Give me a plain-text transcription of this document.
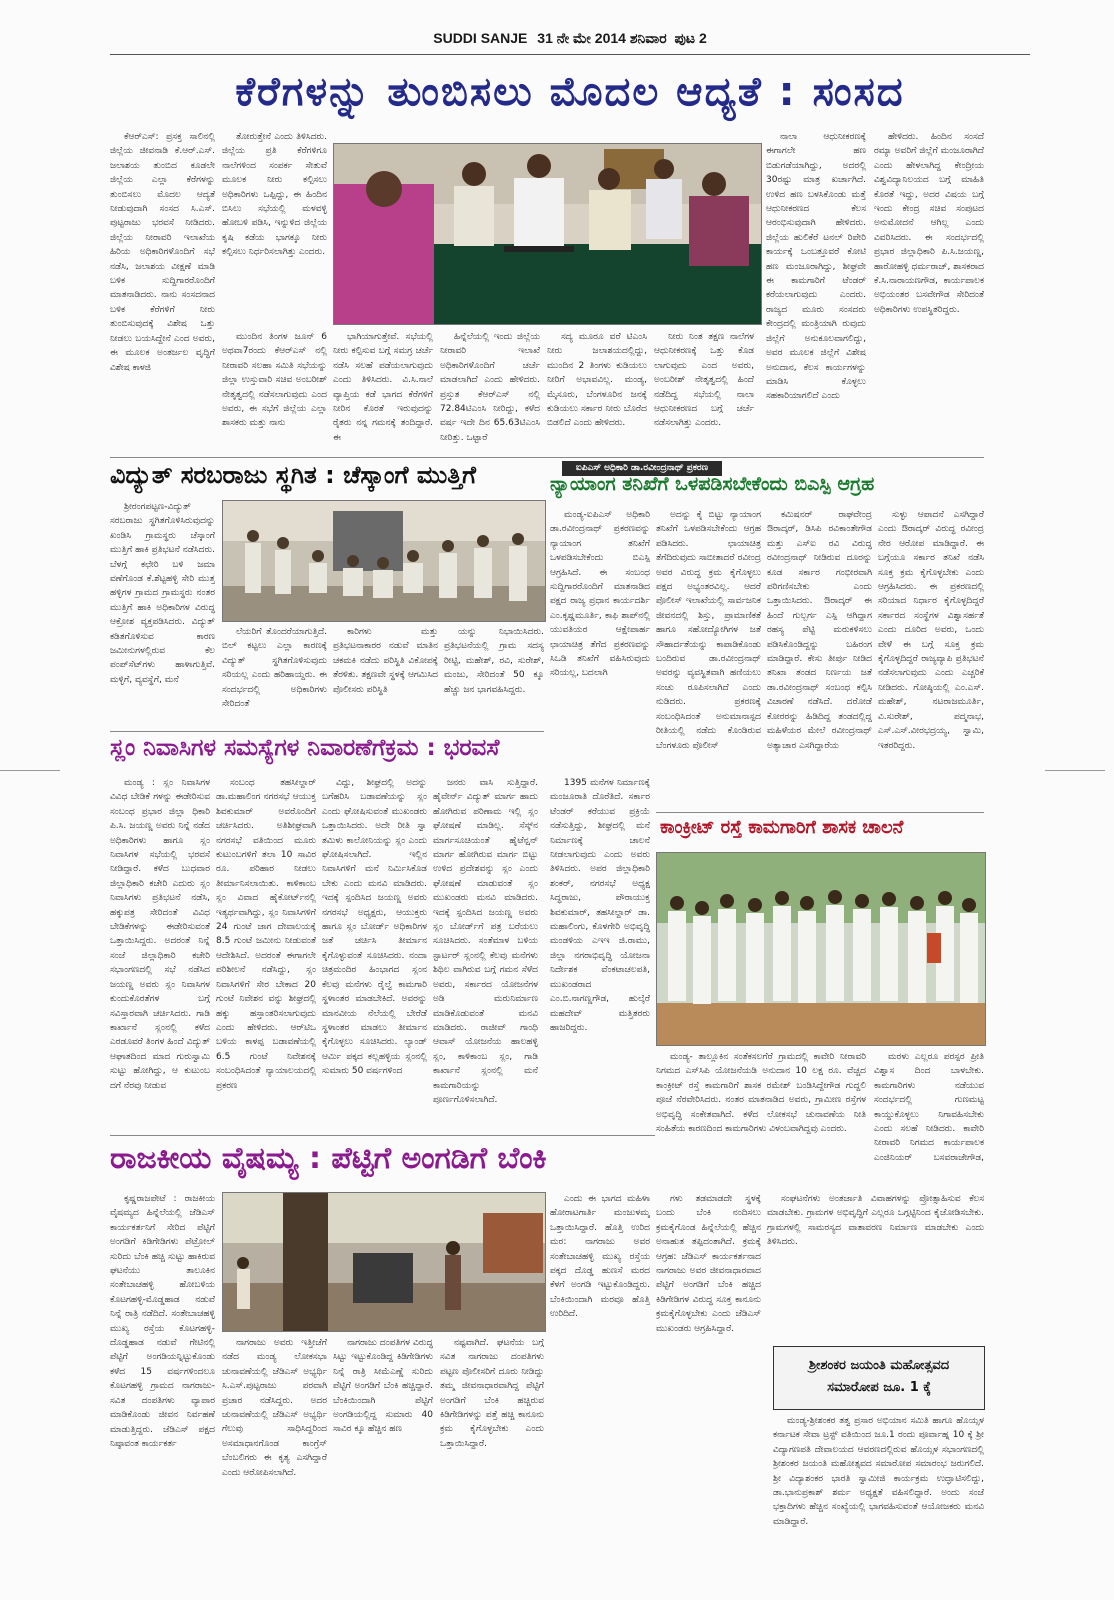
SUDDI SANJE 31 ನೇ ಮೇ 2014 ಶನಿವಾರ ಪುಟ 2
ಕೆರೆಗಳನ್ನು ತುಂಬಿಸಲು ಮೊದಲ ಆದ್ಯತೆ : ಸಂಸದ

ಕೆಆರ್‌ಎಸ್: ಪ್ರಸಕ್ತ ಸಾಲಿನಲ್ಲಿ ಜಿಲ್ಲೆಯ ಜೀವನಾಡಿ ಕೆ.ಆರ್.ಎಸ್. ಜಲಾಶಯ ತುಂಬಿದ ಕೂಡಲೇ ಜಿಲ್ಲೆಯ ಎಲ್ಲಾ ಕೆರೆಗಳನ್ನು ತುಂಬಿಸಲು ಮೊದಲ ಆದ್ಯತೆ ನೀಡುವುದಾಗಿ ಸಂಸದ ಸಿ.ಎಸ್. ಪುಟ್ಟರಾಜು ಭರವಸೆ ನೀಡಿದರು. ಜಿಲ್ಲೆಯ ನೀರಾವರಿ ಇಲಾಖೆಯ ಹಿರಿಯ ಅಧಿಕಾರಿಗಳೊಂದಿಗೆ ಸಭೆ ನಡೆಸಿ, ಜಲಾಶಯ ವೀಕ್ಷಣೆ ಮಾಡಿ ಬಳಿಕ ಸುದ್ದಿಗಾರರೊಂದಿಗೆ ಮಾತನಾಡಿದರು. ನಾನು ಸಂಸದನಾದ ಬಳಿಕ ಕೆರೆಗಳಿಗೆ ನೀರು ತುಂಬಿಸುವುದಕ್ಕೆ ವಿಶೇಷ ಒತ್ತು ನೀಡಲು ಬಯಸಿದ್ದೇನೆ ಎಂದ ಅವರು, ಈ ಮೂಲಕ ಅಂತರ್ಜಲ ವೃದ್ಧಿಗೆ ವಿಶೇಷ ಕಾಳಜಿ

ತೋರುತ್ತೇನೆ ಎಂದು ತಿಳಿಸಿದರು. ಜಿಲ್ಲೆಯ ಪ್ರತಿ ಕೆರೆಗಳಿಗೂ ನಾಲೆಗಳಿಂದ ಸಂಪರ್ಕ ಸೇತುವೆ ಮೂಲಕ ನೀರು ಕಲ್ಪಿಸಲು ಅಧಿಕಾರಿಗಳು ಒಪ್ಪಿದ್ದು, ಈ ಹಿಂದಿನ ಬಿಸಿಲು ಸಭೆಯಲ್ಲಿ ಮಳವಳ್ಳಿ ಹೋಬಳಿ ಪಡಿಸಿ, ಇನ್ನುಳಿದ ಜಿಲ್ಲೆಯ ಕೃಷಿ ಕಡೆಯ ಭಾಗಕ್ಕೂ ನೀರು ಕಲ್ಪಿಸಲು ನಿರ್ಧರಿಸಲಾಗಿತ್ತು ಎಂದರು.

ಮುಂದಿನ ತಿಂಗಳ ಜೂನ್ 6 ಅಥವಾ7ರಂದು ಕೆಆರ್‌ಎಸ್ ನಲ್ಲಿ ನೀರಾವರಿ ಸಲಹಾ ಸಮಿತಿ ಸಭೆಯನ್ನು ಜಿಲ್ಲಾ ಉಸ್ತುವಾರಿ ಸಚಿವ ಅಂಬರೀಶ್ ನೇತೃತ್ವದಲ್ಲಿ ನಡೆಸಲಾಗುವುದು ಎಂದ ಅವರು, ಈ ಸಭೆಗೆ ಜಿಲ್ಲೆಯ ಎಲ್ಲಾ ಶಾಸಕರು ಮತ್ತು ನಾನು

ಭಾಗಿಯಾಗುತ್ತೇವೆ. ಸಭೆಯಲ್ಲಿ ನೀರು ಕಲ್ಪಿಸುವ ಬಗ್ಗೆ ಸಮಗ್ರ ಚರ್ಚೆ ನಡೆಸಿ ಸಲಹೆ ಪಡೆಯಲಾಗುವುದು ಎಂದು ತಿಳಿಸಿದರು. ವಿ.ಸಿ.ನಾಲೆ ವ್ಯಾಪ್ತಿಯ ಕಡೆ ಭಾಗದ ಕೆರೆಗಳಿಗೆ ನೀರಿನ ಕೊರತೆ ಇರುವುದನ್ನು ರೈತರು ನನ್ನ ಗಮನಕ್ಕೆ ತಂದಿದ್ದಾರೆ. ಈ

ಹಿನ್ನೆಲೆಯಲ್ಲಿ ಇಂದು ಜಿಲ್ಲೆಯ ನೀರಾವರಿ ಇಲಾಖೆ ಅಧಿಕಾರಿಗಳೊಂದಿಗೆ ಚರ್ಚೆ ಮಾಡಲಾಗಿದೆ ಎಂದು ಹೇಳಿದರು. ಪ್ರಸ್ತುತ ಕೆಆರ್‌ಎಸ್ ನಲ್ಲಿ 72.84ಟಿಎಂಸಿ ನೀರಿದ್ದು, ಕಳೆದ ವರ್ಷ ಇದೇ ದಿನ 65.63ಟಿಎಂಸಿ ನೀರಿತ್ತು. ಒಟ್ಟಾರೆ

ಸದ್ಯ ಮೂರೂ ವರೆ ಟಿಎಂಸಿ ನೀರು ಜಲಾಶಯದಲ್ಲಿದ್ದು, ಮುಂದಿನ 2 ತಿಂಗಳು ಕುಡಿಯಲು ನೀರಿಗೆ ಅಭಾವವಿಲ್ಲ. ಮಂಡ್ಯ, ಮೈಸೂರು, ಬೆಂಗಳೂರಿನ ಜನಕ್ಕೆ ಕುಡಿಯಲು ಸರ್ಕಾರ ನೀರು ಬೊರೆದ ಬಿಡಲಿದೆ ಎಂದು ಹೇಳಿದರು.

ನೀರು ನಿಂತ ತಕ್ಷಣ ನಾಲೆಗಳ ಆಧುನೀಕರಣಕ್ಕೆ ಒತ್ತು ಕೊಡ ಲಾಗುವುದು ಎಂದ ಅವರು, ಅಂಬರೀಶ್ ನೇತೃತ್ವದಲ್ಲಿ ಹಿಂದೆ ನಡೆದಿದ್ದ ಸಭೆಯಲ್ಲಿ ನಾಲಾ ಆಧುನೀಕರಣದ ಬಗ್ಗೆ ಚರ್ಚೆ ನಡೆಸಲಾಗಿತ್ತು ಎಂದರು.

ನಾಲಾ ಆಧುನೀಕರಣಕ್ಕೆ ಈಗಾಗಲೇ ಹಣ ಬಿಡುಗಡೆಯಾಗಿದ್ದು, ಅದರಲ್ಲಿ 30ರಷ್ಟು ಮಾತ್ರ ಖರ್ಚಾಗಿದೆ. ಉಳಿದ ಹಣ ಬಳಸಿಕೊಂಡು ಮತ್ತೆ ಆಧುನೀಕರಣದ ಕೆಲಸ ಆರಂಭಿಸುವುದಾಗಿ ಹೇಳಿದರು. ಜಿಲ್ಲೆಯ ಹುಲಿಕೆರೆ ಟನಲ್ ರಿಪೇರಿ ಕಾರ್ಯಕ್ಕೆ ಒಂಬತ್ತೂವರೆ ಕೋಟಿ ಹಣ ಮಂಜೂರಾಗಿದ್ದು, ಶೀಘ್ರವೇ ಈ ಕಾಮಗಾರಿಗೆ ಟೆಂಡರ್ ಕರೆಯಲಾಗುವುದು ಎಂದರು. ರಾಜ್ಯದ ಮೂರು ಸಂಸದರು ಕೇಂದ್ರದಲ್ಲಿ ಮಂತ್ರಿಯಾಗಿ ರುವುದು ಜಿಲ್ಲೆಗೆ ಅನುಕೂಲವಾಗಲಿದ್ದು, ಅವರ ಮೂಲಕ ಜಿಲ್ಲೆಗೆ ವಿಶೇಷ ಅನುದಾನ, ಕೆಲಸ ಕಾರ್ಯಗಳನ್ನು ಮಾಡಿಸಿ ಕೊಳ್ಳಲು ಸಹಕಾರಿಯಾಗಲಿದೆ ಎಂದು

ಹೇಳಿದರು. ಹಿಂದಿನ ಸಂಸದೆ ರಮ್ಯಾ ಅವರಿಗೆ ಜಿಲ್ಲೆಗೆ ಮಂಜೂರಾಗಿದೆ ಎಂದು ಹೇಳಲಾಗಿದ್ದ ಕೇಂದ್ರೀಯ ವಿಶ್ವವಿದ್ಯಾನಿಲಯದ ಬಗ್ಗೆ ಮಾಹಿತಿ ಕೊರತೆ ಇದ್ದು, ಅದರ ವಿಷಯ ಬಗ್ಗೆ ಇಂದು ಕೇಂದ್ರ ಸಚಿವ ಸಂಪುಟದ ಅನುಮೋದನೆ ಆಗಿಲ್ಲ ಎಂದು ವಿವರಿಸಿದರು. ಈ ಸಂದರ್ಭದಲ್ಲಿ ಪ್ರಭಾರ ಜಿಲ್ಲಾಧಿಕಾರಿ ಪಿ.ಸಿ.ಜಯಣ್ಣ, ಹಾರೋಹಳ್ಳಿ ಧರ್ಮರಾಜ್, ಶಾಸಕರಾದ ಕೆ.ಸಿ.ನಾರಾಯಣಗೌಡ, ಕಾರ್ಯಪಾಲಕ ಅಭಿಯಂತರ ಬಸವೇಗೌಡ ಸೇರಿದಂತೆ ಅಧಿಕಾರಿಗಳು ಉಪಸ್ಥಿತರಿದ್ದರು.

ವಿದ್ಯುತ್ ಸರಬರಾಜು ಸ್ಥಗಿತ : ಚೆಸ್ಕಾಂಗೆ ಮುತ್ತಿಗೆ

ಶ್ರೀರಂಗಪಟ್ಟಣ-ವಿದ್ಯುತ್ ಸರಬರಾಜು ಸ್ಥಗಿತಗೊಳಿಸಿರುವುದನ್ನು ಖಂಡಿಸಿ ಗ್ರಾಮಸ್ಥರು ಚೆಸ್ಕಾಂಗೆ ಮುತ್ತಿಗೆ ಹಾಕಿ ಪ್ರತಿಭಟನೆ ನಡೆಸಿದರು. ಬೆಳಗ್ಗೆ ಕಛೇರಿ ಬಳಿ ಜಮಾ ವಣೆಗೊಂಡ ಕೆ.ಶೆಟ್ಟಹಳ್ಳಿ ಸೇರಿ ಮುತ್ತ ಹಳ್ಳಿಗಳ ಗ್ರಾಮದ ಗ್ರಾಮಸ್ಥರು ನಂತರ ಮುತ್ತಿಗೆ ಹಾಕಿ ಅಧಿಕಾರಿಗಳ ವಿರುದ್ಧ ಆಕ್ರೋಶ ವ್ಯಕ್ತಪಡಿಸಿದರು. ವಿದ್ಯುತ್ ಕಡಿತಗೊಳಿಸುವ ಕಾರಣ ಜಮೀನುಗಳಲ್ಲಿರುವ ಕೆಲ ಪಂಪ್‌ಸೆಟ್‌ಗಳು ಹಾಳಾಗುತ್ತಿವೆ. ಮಳ್ಳಿಗೆ, ವ್ಯವಸ್ಥೆಗೆ, ಮನೆ

ಲೆಯರಿಗೆ ತೊಂದರೆಯಾಗುತ್ತಿದೆ. ಬಿಲ್ ಕಟ್ಟಲು ಎಲ್ಲಾ ಕಾರಣಕ್ಕೆ ವಿದ್ಯುತ್ ಸ್ಥಗಿತಗೊಳಿಸುವುದು ಸರಿಯಲ್ಲ ಎಂದು ಹರಿಹಾಯ್ದರು. ಈ ಸಂದರ್ಭದಲ್ಲಿ ಅಧಿಕಾರಿಗಳು ಸೇರಿದಂತೆ

ಕಾರಿಗಳು ಮತ್ತು ಪ್ರತಿಭಟನಾಕಾರರ ನಡುವೆ ಮಾತಿನ ಚಕಮಕಿ ನಡೆದು ಪರಿಸ್ಥಿತಿ ವಿಕೋಪಕ್ಕೆ ತೆರಳಿತು. ತಕ್ಷಣವೇ ಸ್ಥಳಕ್ಕೆ ಆಗಮಿಸಿದ ಪೊಲೀಸರು ಪರಿಸ್ಥಿತಿ

ಯನ್ನು ನಿಭಾಯಿಸಿದರು. ಪ್ರತಿಭಟನೆಯಲ್ಲಿ ಗ್ರಾಮ ಸದಸ್ಯ ರೀಟ್ಟಿ, ಮಹೇಶ್, ರವಿ, ಸುರೇಶ್, ಮಂಜು, ಸೇರಿದಂತೆ 50 ಕ್ಕೂ ಹೆಚ್ಚು ಜನ ಭಾಗವಹಿಸಿದ್ದರು.

ಐಪಿಎಸ್ ಅಧಿಕಾರಿ ಡಾ.ರವೀಂದ್ರನಾಥ್ ಪ್ರಕರಣ
ನ್ಯಾಯಾಂಗ ತನಿಖೆಗೆ ಒಳಪಡಿಸಬೇಕೆಂದು ಬಿಎಸ್ಪಿ ಆಗ್ರಹ

ಮಂಡ್ಯ-ಐಪಿಎಸ್ ಅಧಿಕಾರಿ ಡಾ.ರವೀಂದ್ರನಾಥ್ ಪ್ರಕರಣವನ್ನು ನ್ಯಾಯಾಂಗ ತನಿಖೆಗೆ ಒಳಪಡಿಸಬೇಕೆಂದು ಬಿಎಸ್ಪಿ ಆಗ್ರಹಿಸಿದೆ. ಈ ಸಂಬಂಧ ಸುದ್ದಿಗಾರರೊಂದಿಗೆ ಮಾತನಾಡಿದ ಪಕ್ಷದ ರಾಜ್ಯ ಪ್ರಧಾನ ಕಾರ್ಯದರ್ಶಿ ಎಂ.ಕೃಷ್ಣಮೂರ್ತಿ, ಕಾಫಿ ಶಾಪ್‌ನಲ್ಲಿ ಯುವತಿಯರ ಆಕ್ಷೇಪಾರ್ಹ ಛಾಯಾಚಿತ್ರ ತೆಗೆದ ಪ್ರಕರಣವನ್ನು ಸಿಒಡಿ ತನಿಖೆಗೆ ವಹಿಸಿರುವುದು ಸರಿಯಲ್ಲ, ಬದಲಾಗಿ

ಅದನ್ನು ಕೈ ಬಿಟ್ಟು ನ್ಯಾಯಾಂಗ ತನಿಖೆಗೆ ಒಳಪಡಿಸಬೇಕೆಂದು ಆಗ್ರಹ ಪಡಿಸಿದರು. ಛಾಯಾಚಿತ್ರ ತೆಗೆದಿರುವುದು ಸಾಬೀತಾದರೆ ರವೀಂದ್ರ ಅವರ ವಿರುದ್ಧ ಕ್ರಮ ಕೈಗೊಳ್ಳಲು ಪಕ್ಷದ ಅಭ್ಯಂತರವಿಲ್ಲ. ಆದರೆ ಪೊಲೀಸ್ ಇಲಾಖೆಯಲ್ಲಿ ಸಾರ್ವಜನಿಕ ಜೀವನದಲ್ಲಿ ಶಿಸ್ತು, ಪ್ರಾಮಾಣಿಕತೆ ಹಾಗೂ ಸಹೋದ್ಯೋಗಿಗಳ ಜತೆ ಸೌಹಾರ್ದತೆಯನ್ನು ಕಾಪಾಡಿಕೊಂಡು ಬಂದಿರುವ ಡಾ.ರವೀಂದ್ರನಾಥ್ ಅವರನ್ನು ವ್ಯವಸ್ಥಿತವಾಗಿ ಹಣಿಯಲು ಸಂಚು ರೂಪಿಸಲಾಗಿದೆ ಎಂದು ನುಡಿದರು. ಪ್ರಕರಣಕ್ಕೆ ಸಂಬಂಧಿಸಿದಂತೆ ಅನುಮಾನಾಸ್ಪದ ರೀತಿಯಲ್ಲಿ ನಡೆದು ಕೊಂಡಿರುವ ಬೆಂಗಳೂರು ಪೊಲೀಸ್

ಕಮಿಷನರ್ ರಾಘವೇಂದ್ರ ಔರಾದ್ಕರ್, ಡಿಸಿಪಿ ರವಿಕಾಂತೇಗೌಡ ಮತ್ತು ಎಸ್‌ಐ ರವಿ ವಿರುದ್ಧ ರವೀಂದ್ರನಾಥ್ ನೀಡಿರುವ ದೂರನ್ನು ಕೂಡ ಸರ್ಕಾರ ಗಂಭೀರವಾಗಿ ಪರಿಗಣಿಸಬೇಕು ಎಂದು ಒತ್ತಾಯಿಸಿದರು. ಔರಾದ್ಕರ್ ಈ ಹಿಂದೆ ಗುಲ್ಬರ್ಗ ಎಸ್ಪಿ ಆಗಿದ್ದಾಗ ರಹಸ್ಯ ಪೆಟ್ಟಿ ಮರುಕಳಿಸಲು ಪಡಿಸಿಕೊಂಡಿದ್ದನ್ನು ಬಹಿರಂಗ ಮಾಡಿದ್ದಾರೆ. ಕೇಸು ತೀರ್ಪು ನೀಡಿದ ತನಿಖಾ ತಂಡದ ನಿರ್ಣಯ ಜತೆ ಡಾ.ರವೀಂದ್ರನಾಥ್ ಸಂಬಂಧ ಕಲ್ಪಿಸಿ ವಿಚಾರಣೆ ನಡೆಸಿದೆ. ದರೋಡೆ ಕೋರರನ್ನು ಹಿಡಿದಿದ್ದ ತಂಡದಲ್ಲಿದ್ದ ಮಹಿಳೆಯರ ಮೇಲೆ ರವೀಂದ್ರನಾಥ್ ಅತ್ಯಾಚಾರ ಎಸಗಿದ್ದಾರೆಯ

ಸುಳ್ಳು ಆಪಾದನೆ ಎಸಗಿದ್ದಾರೆ ಎಂದು ಔರಾದ್ಕರ್ ವಿರುದ್ಧ ರವೀಂದ್ರ ನೇರ ಆರೋಪ ಮಾಡಿದ್ದಾರೆ. ಈ ಬಗ್ಗೆಯೂ ಸರ್ಕಾರ ತನಿಖೆ ನಡೆಸಿ ಸೂಕ್ತ ಕ್ರಮ ಕೈಗೊಳ್ಳಬೇಕು ಎಂದು ಆಗ್ರಹಿಸಿದರು. ಈ ಪ್ರಕರಣದಲ್ಲಿ ಸರಿಯಾದ ನಿರ್ಧಾರ ಕೈಗೊಳ್ಳದಿದ್ದರೆ ಸರ್ಕಾರದ ಸಂಸ್ಥೆಗಳ ವಿಶ್ವಾಸರ್ಹತೆ ಎಂದು ದೂರಿದ ಅವರು, ಒಂದು ವೇಳೆ ಈ ಬಗ್ಗೆ ಸೂಕ್ತ ಕ್ರಮ ಕೈಗೊಳ್ಳದಿದ್ದರೆ ರಾಜ್ಯವ್ಯಾಪಿ ಪ್ರತಿಭಟನೆ ನಡೆಸಲಾಗುವುದು ಎಂದು ಎಚ್ಚರಿಕೆ ನೀಡಿದರು. ಗೋಷ್ಠಿಯಲ್ಲಿ ಎಂ.ಎಸ್. ಮಹೇಶ್, ನಟರಾಜಮೂರ್ತಿ, ವಿ.ಸುರೇಶ್, ಪದ್ಮನಾಭ, ಎಸ್.ಎಸ್.ವೀರಭದ್ರಯ್ಯ, ಸ್ವಾಮಿ, ಇತರರಿದ್ದರು.

ಸ್ಲಂ ನಿವಾಸಿಗಳ ಸಮಸ್ಯೆಗಳ ನಿವಾರಣೆಗೆಕ್ರಮ : ಭರವಸೆ

ಮಂಡ್ಯ : ಸ್ಲಂ ನಿವಾಸಿಗಳ ವಿವಿಧ ಬೇಡಿಕೆ ಗಳನ್ನು ಈಡೇರಿಸುವ ಸಂಬಂಧ ಪ್ರಭಾರ ಜಿಲ್ಲಾ ಧಿಕಾರಿ ಪಿ.ಸಿ. ಜಯಣ್ಣ ಅವರು ನಿನ್ನೆ ನಡೆದ ಅಧಿಕಾರಿಗಳು ಹಾಗೂ ಸ್ಲಂ ನಿವಾಸಿಗಳ ಸಭೆಯಲ್ಲಿ ಭರವಸೆ ನೀಡಿದ್ದಾರೆ. ಕಳೆದ ಬುಧವಾರ ಜಿಲ್ಲಾಧಿಕಾರಿ ಕಚೇರಿ ಎದುರು ಸ್ಲಂ ನಿವಾಸಿಗಳು ಪ್ರತಿಭಟನೆ ನಡೆಸಿ, ಹಕ್ಕುಪತ್ರ ಸೇರಿದಂತೆ ವಿವಿಧ ಬೇಡಿಕೆಗಳನ್ನು ಈಡೇರಿಸುವಂತೆ ಒತ್ತಾಯಿಸಿದ್ದರು. ಅದರಂತೆ ನಿನ್ನೆ ಸಂಜೆ ಜಿಲ್ಲಾಧಿಕಾರಿ ಕಚೇರಿ ಸಭಾಂಗಣದಲ್ಲಿ ಸಭೆ ನಡೆಸಿದ ಜಯಣ್ಣ ಅವರು ಸ್ಲಂ ನಿವಾಸಿಗಳ ಕುಂದುಕೊರತೆಗಳ ಬಗ್ಗೆ ಸವಿಸ್ತಾರವಾಗಿ ಚರ್ಚಿಸಿದರು. ಗಾಡಿ ಕಾರ್ಖಾನೆ ಸ್ಲಂನಲ್ಲಿ ಕಳೆದ ಎರಡೂವರೆ ತಿಂಗಳ ಹಿಂದೆ ವಿದ್ಯುತ್ ಆಘಾತದಿಂದ ಮಾದ ಗುರುಸ್ವಾಮಿ ಸುಟ್ಟು ಹೋಗಿದ್ದು, ಆ ಕುಟುಂಬ ದಗೆ ನೆರವು ನೀಡುವ

ಸಂಬಂಧ ತಹಸೀಲ್ದಾರ್ ಡಾ.ಮಹಾಲಿಂಗ ನಗರಸಭೆ ಆಯುಕ್ತ ಶಿವಕುಮಾರ್ ಅವರೊಂದಿಗೆ ಚರ್ಚಿಸಿದರು. ಅತಿಶೀಘ್ರವಾಗಿ ನಗರಸಭೆ ವತಿಯಿಂದ ಮೂರು ಕುಟುಂಬಗಳಿಗೆ ತಲಾ 10 ಸಾವಿರ ರೂ. ಪರಿಹಾರ ನೀಡಲು ತೀರ್ಮಾನಿಸಲಾಯಿತು. ಕಾಳಿಕಾಂಬ ಸ್ಲಂ ವಿವಾದ ಹೈಕೋರ್ಟ್‌ನಲ್ಲಿ ಇತ್ಯರ್ಥವಾಗಿದ್ದು, ಸ್ಲಂ ನಿವಾಸಿಗಳಿಗೆ 24 ಗುಂಟೆ ಜಾಗ ದೇವಾಲಯಕ್ಕೆ 8.5 ಗುಂಟೆ ಜಮೀನು ನೀಡುವಂತೆ ಆದೇಶಿಸಿದೆ. ಅದರಂತೆ ಈಗಾಗಲೇ ಪರಿಶೀಲನೆ ನಡೆಸಿದ್ದು, ಸ್ಲಂ ನಿವಾಸಿಗಳಿಗೆ ಸೇರ ಬೇಕಾದ 20 ಗುಂಟೆ ನಿವೇಶನ ವನ್ನು ಶೀಘ್ರದಲ್ಲಿ ಹಕ್ಕು ಹಸ್ತಾಂತರಿಸಲಾಗುವುದು ಎಂದು ಹೇಳಿದರು. ಆರ್‌ಟಿಒ ಬಳಿಯ ಕಾಳಪ್ಪ ಬಡಾವಣೆಯಲ್ಲಿ 6.5 ಗುಂಟೆ ನಿವೇಶನಕ್ಕೆ ಸಂಬಂಧಿಸಿದಂತೆ ನ್ಯಾಯಾಲಯದಲ್ಲಿ ಪ್ರಕರಣ

ವಿದ್ದು, ಶೀಘ್ರದಲ್ಲಿ ಅದನ್ನು ಬಗೆಹರಿಸಿ ಬಡಾವಣೆಯನ್ನು ಸ್ಲಂ ಎಂದು ಘೋಷಿಸುವಂತೆ ಮುಖಂಡರು ಒತ್ತಾಯಿಸಿದರು. ಅದೇ ರೀತಿ ಸ್ವಾ ತಮಿಳು ಕಾಲೋನಿಯನ್ನು ಸ್ಲಂ ಎಂದು ಘೋಷಿಸಲಾಗಿದೆ. ಇಲ್ಲಿನ ನಿವಾಸಿಗಳಿಗೆ ಮನೆ ನಿರ್ಮಿಸಿಕೊಡ ಬೇಕು ಎಂದು ಮನವಿ ಮಾಡಿದರು. ಇದಕ್ಕೆ ಸ್ಪಂದಿಸಿದ ಜಯಣ್ಣ ಅವರು ನಗರಸಭೆ ಅಧ್ಯಕ್ಷರು, ಆಯುಕ್ತರು ಹಾಗೂ ಸ್ಲಂ ಬೋರ್ಡ್ ಅಧಿಕಾರಿಗಳ ಜತೆ ಚರ್ಚಿಸಿ ತೀರ್ಮಾನ ಕೈಗೊಳ್ಳುವಂತೆ ಸೂಚಿಸಿದರು. ನಂದಾ ಚಿತ್ರಮಂದಿರ ಹಿಂಭಾಗದ ಸ್ಲಂನ ಕೆಲವು ಮನೆಗಳು ರೈಲ್ವೆ ಕಾಮಗಾರಿ ಸ್ಥಳಾಂತರ ಮಾಡಬೇಕಿದೆ. ಅವರನ್ನು ಮಾನವೀಯ ನೆಲೆಯಲ್ಲಿ ಬೇರೆಡೆ ಸ್ಥಳಾಂತರ ಮಾಡಲು ತೀರ್ಮಾನ ಕೈಗೊಳ್ಳಲು ಸೂಚಿಸಿದರು. ಲ್ಯಾಂಡ್ ಆರ್ಮಿ ಪಕ್ಕದ ಕಲ್ಲಹಳ್ಳಿಯ ಸ್ಲಂನಲ್ಲಿ ಸುಮಾರು 50 ವರ್ಷಗಳಿಂದ

ಜನರು ವಾಸಿ ಸುತ್ತಿದ್ದಾರೆ. ಹೈವೇರ್ನ್ ವಿದ್ಯುತ್ ಮಾರ್ಗ ಹಾದು ಹೋಗಿರುವ ಪರಿಣಾಮ ಇಲ್ಲಿ ಸ್ಲಂ ಘೋಷಣೆ ಮಾಡಿಲ್ಲ. ಸೆಸ್ಕ್‌ನ ಮಾರ್ಗಸೂಚಿಯಂತೆ ಹೈಟೆನ್ಷನ್ ಮಾರ್ಗ ಹೋಗಿರುವ ಮಾರ್ಗ ಬಿಟ್ಟು ಉಳಿದ ಪ್ರದೇಶವನ್ನು ಸ್ಲಂ ಎಂದು ಘೋಷಣೆ ಮಾಡುವಂತೆ ಸ್ಲಂ ಮುಖಂಡರು ಮನವಿ ಮಾಡಿದರು. ಇದಕ್ಕೆ ಸ್ಪಂದಿಸಿದ ಜಯಣ್ಣ ಅವರು ಸ್ಲಂ ಬೋರ್ಡ್‌ಗೆ ಪತ್ರ ಬರೆಯಲು ಸೂಚಿಸಿದರು. ಸಂತೆಮಾಳ ಬಳಿಯ ಸ್ಟಾರ್ಟರ್ ಸ್ಲಂನಲ್ಲಿ ಕೆಲವು ಮನೆಗಳು ಶಿಥಿಲ ವಾಗಿರುವ ಬಗ್ಗೆ ಗಮನ ಸೆಳೆದ ಅವರು, ಸರ್ಕಾರದ ಯೋಜನೆಗಳ ಅಡಿ ಮರುನಿರ್ಮಾಣ ಮಾಡಿಕೊಡುವಂತೆ ಮನವಿ ಮಾಡಿದರು. ರಾಜೀವ್ ಗಾಂಧಿ ಆವಾಸ್ ಯೋಜನೆಯ ಹಾಲಹಳ್ಳಿ ಸ್ಲಂ, ಕಾಳಿಕಾಂಬ ಸ್ಲಂ, ಗಾಡಿ ಕಾರ್ಖಾನೆ ಸ್ಲಂನಲ್ಲಿ ಮನೆ ಕಾಮಗಾರಿಯನ್ನು ಪೂರ್ಣಗೊಳಿಸಲಾಗಿದೆ.

1395 ಮನೆಗಳ ನಿರ್ಮಾಣಕ್ಕೆ ಮಂಜೂರಾತಿ ದೊರೆತಿದೆ. ಸರ್ಕಾರ ಟೆಂಡರ್ ಕರೆಯುವ ಪ್ರಕ್ರಿಯೆ ನಡೆಸುತ್ತಿದ್ದು, ಶೀಘ್ರದಲ್ಲಿ ಮನೆ ನಿರ್ಮಾಣಕ್ಕೆ ಚಾಲನೆ ನೀಡಲಾಗುವುದು ಎಂದು ಅವರು ತಿಳಿಸಿದರು. ಅಪರ ಜಿಲ್ಲಾಧಿಕಾರಿ ಶಂಕರ್, ನಗರಸಭೆ ಅಧ್ಯಕ್ಷ ಸಿದ್ಧರಾಜು, ಪೌರಾಯುಕ್ತ ಶಿವಕುಮಾರ್, ತಹಸೀಲ್ದಾರ್ ಡಾ. ಮಹಾಲಿಂಗು, ಕೊಳಗೇರಿ ಅಭಿವೃದ್ಧಿ ಮಂಡಳಿಯ ಎಇಇ ಜಿ.ರಾಮು, ಜಿಲ್ಲಾ ನಗರಾಭಿವೃದ್ಧಿ ಯೋಜನಾ ನಿರ್ದೇಶಕ ವೆಂಕಟಾಚಲಪತಿ, ಮುಖಂಡರಾದ ಎಂ.ಬಿ.ನಾಗಣ್ಣಗೌಡ, ಹುಲ್ಕೆರೆ ಮಹದೇವ್ ಮತ್ತಿತರರು ಹಾಜರಿದ್ದರು.

ಕಾಂಕ್ರೀಟ್ ರಸ್ತೆ ಕಾಮಗಾರಿಗೆ ಶಾಸಕ ಚಾಲನೆ

ಮಂಡ್ಯ- ತಾಲ್ಲೂಕಿನ ಸಂತೆಕಸಲಗೆರೆ ಗ್ರಾಮದಲ್ಲಿ ಕಾವೇರಿ ನೀರಾವರಿ ನಿಗಮದ ಎಸ್‌ಸಿಪಿ ಯೋಜನೆಯಡಿ ಅನುದಾನ 10 ಲಕ್ಷ ರೂ. ವೆಚ್ಚದ ಕಾಂಕ್ರೀಟ್ ರಸ್ತೆ ಕಾಮಗಾರಿಗೆ ಶಾಸಕ ರಮೇಶ್ ಬಂಡಿಸಿದ್ದೇಗೌಡ ಗುದ್ದಲಿ ಪೂಜೆ ನೆರವೇರಿಸಿದರು. ನಂತರ ಮಾತನಾಡಿದ ಅವರು, ಗ್ರಾಮೀಣ ರಸ್ತೆಗಳ ಅಭಿವೃದ್ಧಿ ಸಂಕೇತವಾಗಿದೆ. ಕಳೆದ ಲೋಕಸಭೆ ಚುನಾವಣೆಯ ನೀತಿ ಸಂಹಿತೆಯ ಕಾರಣದಿಂದ ಕಾಮಗಾರಿಗಳು ವಿಳಂಬವಾಗಿದ್ದವು ಎಂದರು.

ಮರಳು ಎಲ್ಲರೂ ಪರಸ್ಪರ ಪ್ರೀತಿ ವಿಶ್ವಾಸ ದಿಂದ ಬಾಳಬೇಕು. ಕಾಮಗಾರಿಗಳು ನಡೆಯುವ ಸಂದರ್ಭದಲ್ಲಿ ಗುಣಮಟ್ಟ ಕಾಯ್ದುಕೊಳ್ಳಲು ನಿಗಾವಹಿಸಬೇಕು ಎಂದು ಸಲಹೆ ನೀಡಿದರು. ಕಾವೇರಿ ನೀರಾವರಿ ನಿಗಮದ ಕಾರ್ಯಪಾಲಕ ಎಂಜಿನಿಯರ್ ಬಸವರಾಜೇಗೌಡ,

ರಾಜಕೀಯ ವೈಷಮ್ಯ : ಪೆಟ್ಟಿಗೆ ಅಂಗಡಿಗೆ ಬೆಂಕಿ

ಕೃಷ್ಣರಾಜಪೇಟೆ : ರಾಜಕೀಯ ವೈಷಮ್ಯದ ಹಿನ್ನೆಲೆಯಲ್ಲಿ ಜೆಡಿಎಸ್ ಕಾರ್ಯಕರ್ತನಿಗೆ ಸೇರಿದ ಪೆಟ್ಟಿಗೆ ಅಂಗಡಿಗೆ ಕಿಡಿಗೇಡಿಗಳು ಪೆಟ್ರೋಲ್ ಸುರಿದು ಬೆಂಕಿ ಹಚ್ಚಿ ಸುಟ್ಟು ಹಾಕಿರುವ ಘಟನೆಯು ತಾಲೂಕಿನ ಸಂತೇಬಾಚಹಳ್ಳಿ ಹೋಬಳಿಯ ಕೊಟಗಹಳ್ಳಿ-ಮೊಡ್ಡಹಾಡ ನಡುವೆ ನಿನ್ನೆ ರಾತ್ರಿ ನಡೆದಿದೆ. ಸಂತೇಬಾಚಹಳ್ಳಿ ಮುಖ್ಯ ರಸ್ತೆಯ ಕೊಟಗಹಳ್ಳಿ-ದೊಡ್ಡಹಾಡ ನಡುವೆ ಗೇಟಿನಲ್ಲಿ ಪೆಟ್ಟಿಗೆ ಅಂಗಡಿಯನ್ನಿಟ್ಟುಕೊಂಡು ಕಳೆದ 15 ವರ್ಷಗಳಿಂದಲೂ ಕೊಟಗಹಳ್ಳಿ ಗ್ರಾಮದ ನಾಗರಾಜು-ಸವಿತ ದಂಪತಿಗಳು ವ್ಯಾಪಾರ ಮಾಡಿಕೊಂಡು ಜೀವನ ನಿರ್ವಹಣೆ ಮಾಡುತ್ತಿದ್ದರು. ಜೆಡಿಎಸ್ ಪಕ್ಷದ ನಿಷ್ಠಾವಂತ ಕಾರ್ಯಕರ್ತ

ನಾಗರಾಜು ಅವರು ಇತ್ತೀಚೆಗೆ ನಡೆದ ಮಂಡ್ಯ ಲೋಕಸಭಾ ಚುನಾವಣೆಯಲ್ಲಿ ಜೆಡಿಎಸ್ ಅಭ್ಯರ್ಥಿ ಸಿ.ಎಸ್.ಪುಟ್ಟರಾಜು ಪರವಾಗಿ ಪ್ರಚಾರ ನಡೆಸಿದ್ದರು. ಅದರ ಚುನಾವಣೆಯಲ್ಲಿ ಜೆಡಿಎಸ್ ಅಭ್ಯರ್ಥಿ ಗೆಲುವು ಸಾಧಿಸಿದ್ದರಿಂದ ಅಸಮಾಧಾನಗೊಂಡ ಕಾಂಗ್ರೆಸ್ ಬೆಂಬಲಿಗರು ಈ ಕೃತ್ಯ ಎಸಗಿದ್ದಾರೆ ಎಂದು ಆರೋಪಿಸಲಾಗಿದೆ.

ನಾಗರಾಜು ದಂಪತಿಗಳ ವಿರುದ್ಧ ಸಿಟ್ಟು ಇಟ್ಟುಕೊಂಡಿದ್ದ ಕಿಡಿಗೇಡಿಗಳು ನಿನ್ನೆ ರಾತ್ರಿ ಸೀಮೆಎಣ್ಣೆ ಸುರಿದು ಪೆಟ್ಟಿಗೆ ಅಂಗಡಿಗೆ ಬೆಂಕಿ ಹಚ್ಚಿದ್ದಾರೆ. ಬೆಂಕಿಯಿಂದಾಗಿ ಪೆಟ್ಟಿಗೆ ಅಂಗಡಿಯಲ್ಲಿದ್ದ ಸುಮಾರು 40 ಸಾವಿರ ಕ್ಕೂ ಹೆಚ್ಚಿನ ಹಣ

ನಷ್ಟವಾಗಿದೆ. ಘಟನೆಯ ಬಗ್ಗೆ ಸವಿತ ನಾಗರಾಜು ದಂಪತಿಗಳು ಪಟ್ಟಣ ಪೊಲೀಸರಿಗೆ ದೂರು ನೀಡಿದ್ದು ತಮ್ಮ ಜೀವನಾಧಾರವಾಗಿದ್ದ ಪೆಟ್ಟಿಗೆ ಅಂಗಡಿಗೆ ಬೆಂಕಿ ಹಚ್ಚಿರುವ ಕಿಡಿಗೇಡಿಗಳನ್ನು ಪತ್ತೆ ಹಚ್ಚಿ ಕಾನೂನು ಕ್ರಮ ಕೈಗೊಳ್ಳಬೇಕು ಎಂದು ಒತ್ತಾಯಿಸಿದ್ದಾರೆ.

ಎಂದು ಈ ಭಾಗದ ಮಹಿಳಾ ಹೋರಾಟಗಾರ್ತಿ ಮಂಜುಳಮ್ಮ ಒತ್ತಾಯಿಸಿದ್ದಾರೆ. ಹೊತ್ತಿ ಉರಿದ ಮರ: ನಾಗರಾಜು ಅವರ ಸಂತೇಬಾಚಹಳ್ಳಿ ಮುಖ್ಯ ರಸ್ತೆಯ ಪಕ್ಕದ ದೊಡ್ಡ ಹುಣಸೆ ಮರದ ಕೆಳಗೆ ಅಂಗಡಿ ಇಟ್ಟುಕೊಂಡಿದ್ದರು. ಬೆಂಕಿಯಿಂದಾಗಿ ಮರವೂ ಹೊತ್ತಿ ಉರಿದಿದೆ.

ಗಳು ತಡಮಾಡದೇ ಸ್ಥಳಕ್ಕೆ ಬಂದು ಬೆಂಕಿ ನಂದಿಸಲು ಕ್ರಮಕೈಗೊಂಡ ಹಿನ್ನೆಲೆಯಲ್ಲಿ ಹೆಚ್ಚಿನ ಅನಾಹುತ ತಪ್ಪಿದಂತಾಗಿದೆ. ಕ್ರಮಕ್ಕೆ ಆಗ್ರಹ: ಜೆಡಿಎಸ್ ಕಾರ್ಯಕರ್ತನಾದ ನಾಗರಾಜು ಅವರ ಜೀವನಾಧಾರವಾದ ಪೆಟ್ಟಿಗೆ ಅಂಗಡಿಗೆ ಬೆಂಕಿ ಹಚ್ಚಿದ ಕಿಡಿಗೇಡಿಗಳ ವಿರುದ್ಧ ಸೂಕ್ತ ಕಾನೂನು ಕ್ರಮಕೈಗೊಳ್ಳಬೇಕು ಎಂದು ಜೆಡಿಎಸ್ ಮುಖಂಡರು ಆಗ್ರಹಿಸಿದ್ದಾರೆ.

ಸಂಘಟನೆಗಳು ಅಂತರ್ಜಾತಿ ವಿವಾಹಗಳನ್ನು ಪ್ರೋತ್ಸಾಹಿಸುವ ಕೆಲಸ ಮಾಡಬೇಕು. ಗ್ರಾಮಗಳ ಅಭಿವೃದ್ಧಿಗೆ ಎಲ್ಲರೂ ಒಗ್ಗಟ್ಟಿನಿಂದ ಕೈಜೋಡಿಸಬೇಕು. ಗ್ರಾಮಗಳಲ್ಲಿ ಸಾಮರಸ್ಯದ ವಾತಾವರಣ ನಿರ್ಮಾಣ ಮಾಡಬೇಕು ಎಂದು ತಿಳಿಸಿದರು.

ಶ್ರೀಶಂಕರ ಜಯಂತಿ ಮಹೋತ್ಸವದ
ಸಮಾರೋಪ ಜೂ. 1 ಕ್ಕೆ

ಮಂಡ್ಯ-ಶ್ರೀಶಂಕರ ತತ್ವ ಪ್ರಸಾರ ಅಭಿಯಾನ ಸಮಿತಿ ಹಾಗೂ ಹೊಯ್ಸಳ ಕರ್ನಾಟಕ ಸೇವಾ ಟ್ರಸ್ಟ್ ವತಿಯಿಂದ ಜೂ.1 ರಂದು ಪೂರ್ವಾಹ್ನ 10 ಕ್ಕೆ ಶ್ರೀ ವಿದ್ಯಾಗಣಪತಿ ದೇವಾಲಯದ ಆವರಣದಲ್ಲಿರುವ ಹೊಯ್ಸಳ ಸಭಾಂಗಣದಲ್ಲಿ ಶ್ರೀಶಂಕರ ಜಯಂತಿ ಮಹೋತ್ಸವದ ಸಮಾರೋಪ ಸಮಾರಂಭ ಜರುಗಲಿದೆ. ಶ್ರೀ ವಿದ್ಯಾಶಂಕರ ಭಾರತಿ ಸ್ವಾಮೀಜಿ ಕಾರ್ಯಕ್ರಮ ಉದ್ಘಾಟಿಸಲಿದ್ದು, ಡಾ.ಭಾನುಪ್ರಕಾಶ್ ಶರ್ಮ ಅಧ್ಯಕ್ಷತೆ ವಹಿಸಲಿದ್ದಾರೆ. ಅಂದು ಸಂಜೆ ಭಕ್ತಾದಿಗಳು ಹೆಚ್ಚಿನ ಸಂಖ್ಯೆಯಲ್ಲಿ ಭಾಗವಹಿಸುವಂತೆ ಆಯೋಜಕರು ಮನವಿ ಮಾಡಿದ್ದಾರೆ.
